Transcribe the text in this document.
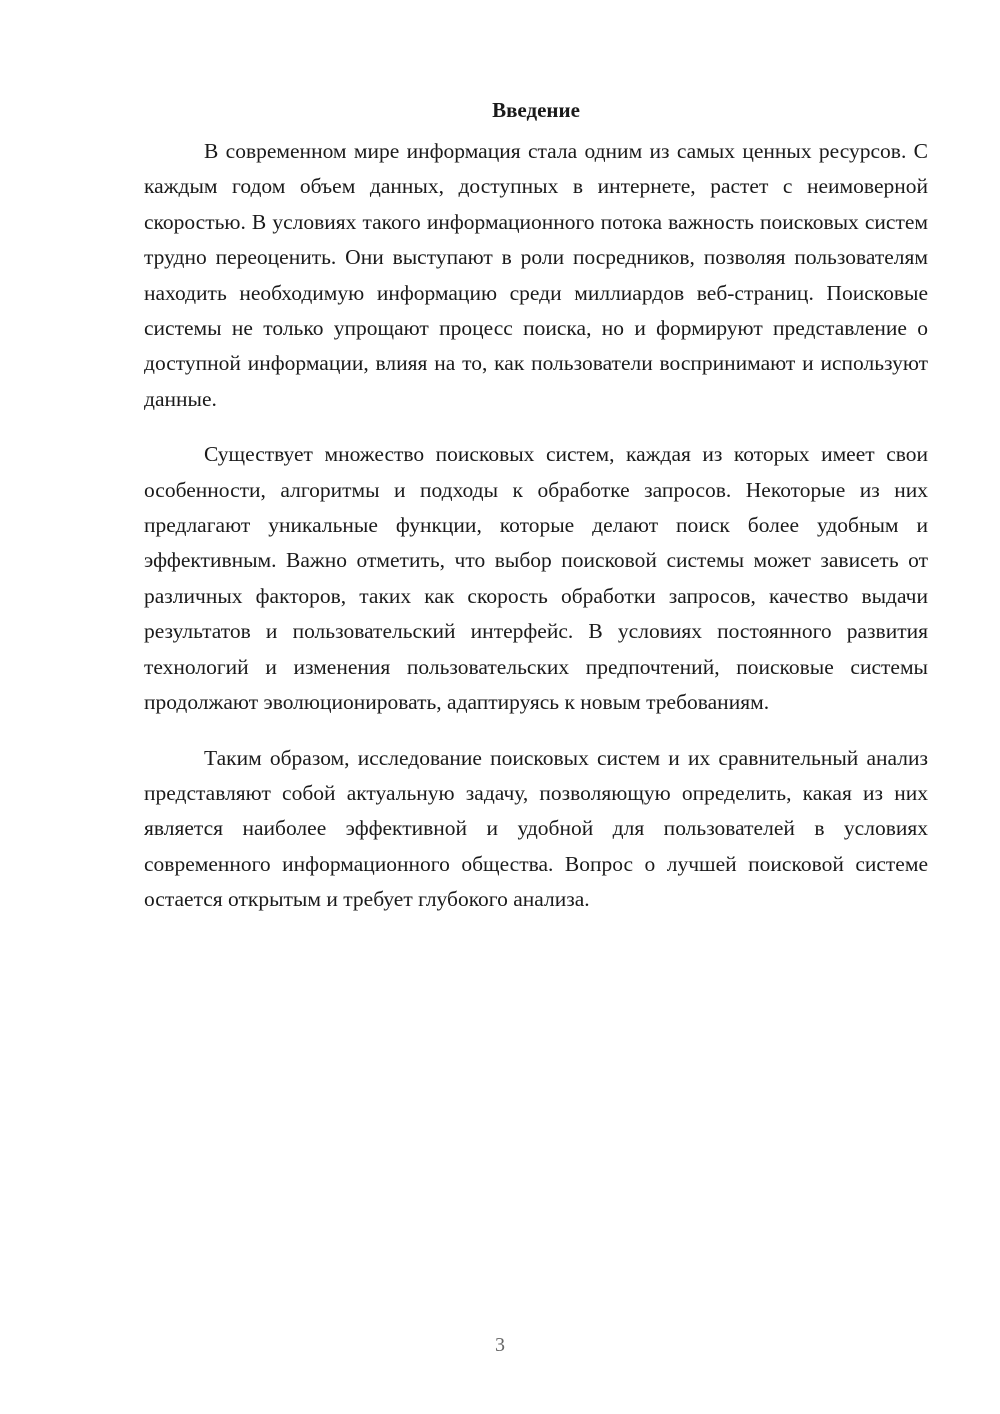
Введение

В современном мире информация стала одним из самых ценных ресурсов. С каждым годом объем данных, доступных в интернете, растет с неимоверной скоростью. В условиях такого информационного потока важность поисковых систем трудно переоценить. Они выступают в роли посредников, позволяя пользователям находить необходимую информацию среди миллиардов веб-страниц. Поисковые системы не только упрощают процесс поиска, но и формируют представление о доступной информации, влияя на то, как пользователи воспринимают и используют данные.

Существует множество поисковых систем, каждая из которых имеет свои особенности, алгоритмы и подходы к обработке запросов. Некоторые из них предлагают уникальные функции, которые делают поиск более удобным и эффективным. Важно отметить, что выбор поисковой системы может зависеть от различных факторов, таких как скорость обработки запросов, качество выдачи результатов и пользовательский интерфейс. В условиях постоянного развития технологий и изменения пользовательских предпочтений, поисковые системы продолжают эволюционировать, адаптируясь к новым требованиям.

Таким образом, исследование поисковых систем и их сравнительный анализ представляют собой актуальную задачу, позволяющую определить, какая из них является наиболее эффективной и удобной для пользователей в условиях современного информационного общества. Вопрос о лучшей поисковой системе остается открытым и требует глубокого анализа.

3
